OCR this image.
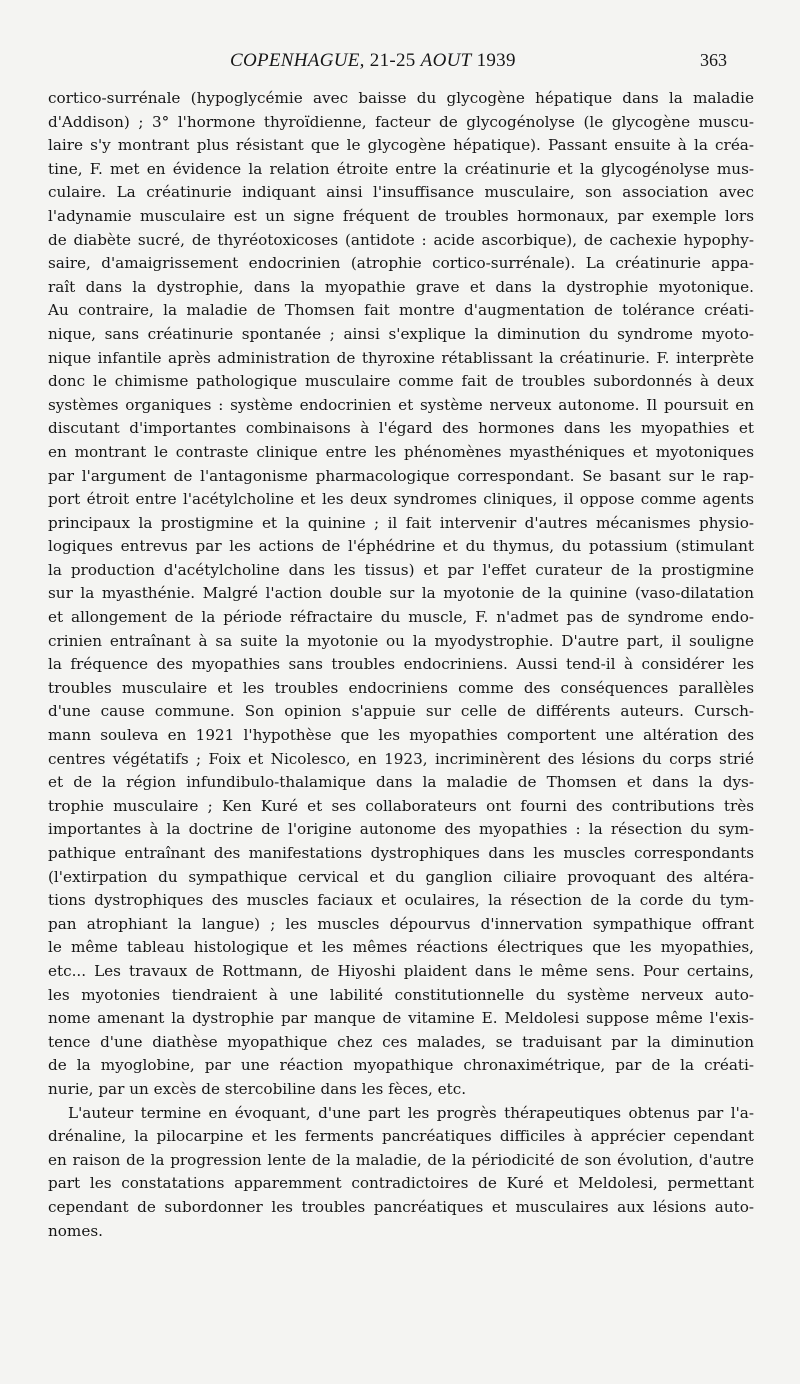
COPENHAGUE, 21-25 AOUT 1939	363
cortico-surrénale (hypoglycémie avec baisse du glycogène hépatique dans la maladie
d'Addison) ; 3° l'hormone thyroïdienne, facteur de glycogénolyse (le glycogène muscu-
laire s'y montrant plus résistant que le glycogène hépatique). Passant ensuite à la créa-
tine, F. met en évidence la relation étroite entre la créatinurie et la glycogénolyse mus-
culaire. La créatinurie indiquant ainsi l'insuffisance musculaire, son association avec
l'adynamie musculaire est un signe fréquent de troubles hormonaux, par exemple lors
de diabète sucré, de thyréotoxicoses (antidote : acide ascorbique), de cachexie hypophy-
saire, d'amaigrissement endocrinien (atrophie cortico-surrénale). La créatinurie appa-
raît dans la dystrophie, dans la myopathie grave et dans la dystrophie myotonique.
Au contraire, la maladie de Thomsen fait montre d'augmentation de tolérance créati-
nique, sans créatinurie spontanée ; ainsi s'explique la diminution du syndrome myoto-
nique infantile après administration de thyroxine rétablissant la créatinurie. F. interprète
donc le chimisme pathologique musculaire comme fait de troubles subordonnés à deux
systèmes organiques : système endocrinien et système nerveux autonome. Il poursuit en
discutant d'importantes combinaisons à l'égard des hormones dans les myopathies et
en montrant le contraste clinique entre les phénomènes myasthéniques et myotoniques
par l'argument de l'antagonisme pharmacologique correspondant. Se basant sur le rap-
port étroit entre l'acétylcholine et les deux syndromes cliniques, il oppose comme agents
principaux la prostigmine et la quinine ; il fait intervenir d'autres mécanismes physio-
logiques entrevus par les actions de l'éphédrine et du thymus, du potassium (stimulant
la production d'acétylcholine dans les tissus) et par l'effet curateur de la prostigmine
sur la myasthénie. Malgré l'action double sur la myotonie de la quinine (vaso-dilatation
et allongement de la période réfractaire du muscle, F. n'admet pas de syndrome endo-
crinien entraînant à sa suite la myotonie ou la myodystrophie. D'autre part, il souligne
la fréquence des myopathies sans troubles endocriniens. Aussi tend-il à considérer les
troubles musculaire et les troubles endocriniens comme des conséquences parallèles
d'une cause commune. Son opinion s'appuie sur celle de différents auteurs. Cursch-
mann souleva en 1921 l'hypothèse que les myopathies comportent une altération des
centres végétatifs ; Foix et Nicolesco, en 1923, incriminèrent des lésions du corps strié
et de la région infundibulo-thalamique dans la maladie de Thomsen et dans la dys-
trophie musculaire ; Ken Kuré et ses collaborateurs ont fourni des contributions très
importantes à la doctrine de l'origine autonome des myopathies : la résection du sym-
pathique entraînant des manifestations dystrophiques dans les muscles correspondants
(l'extirpation du sympathique cervical et du ganglion ciliaire provoquant des altéra-
tions dystrophiques des muscles faciaux et oculaires, la résection de la corde du tym-
pan atrophiant la langue) ; les muscles dépourvus d'innervation sympathique offrant
le même tableau histologique et les mêmes réactions électriques que les myopathies,
etc... Les travaux de Rottmann, de Hiyoshi plaident dans le même sens. Pour certains,
les myotonies tiendraient à une labilité constitutionnelle du système nerveux auto-
nome amenant la dystrophie par manque de vitamine E. Meldolesi suppose même l'exis-
tence d'une diathèse myopathique chez ces malades, se traduisant par la diminution
de la myoglobine, par une réaction myopathique chronaximétrique, par de la créati-
nurie, par un excès de stercobiline dans les fèces, etc.
L'auteur termine en évoquant, d'une part les progrès thérapeutiques obtenus par l'a-
drénaline, la pilocarpine et les ferments pancréatiques difficiles à apprécier cependant
en raison de la progression lente de la maladie, de la périodicité de son évolution, d'autre
part les constatations apparemment contradictoires de Kuré et Meldolesi, permettant
cependant de subordonner les troubles pancréatiques et musculaires aux lésions auto-
nomes.
